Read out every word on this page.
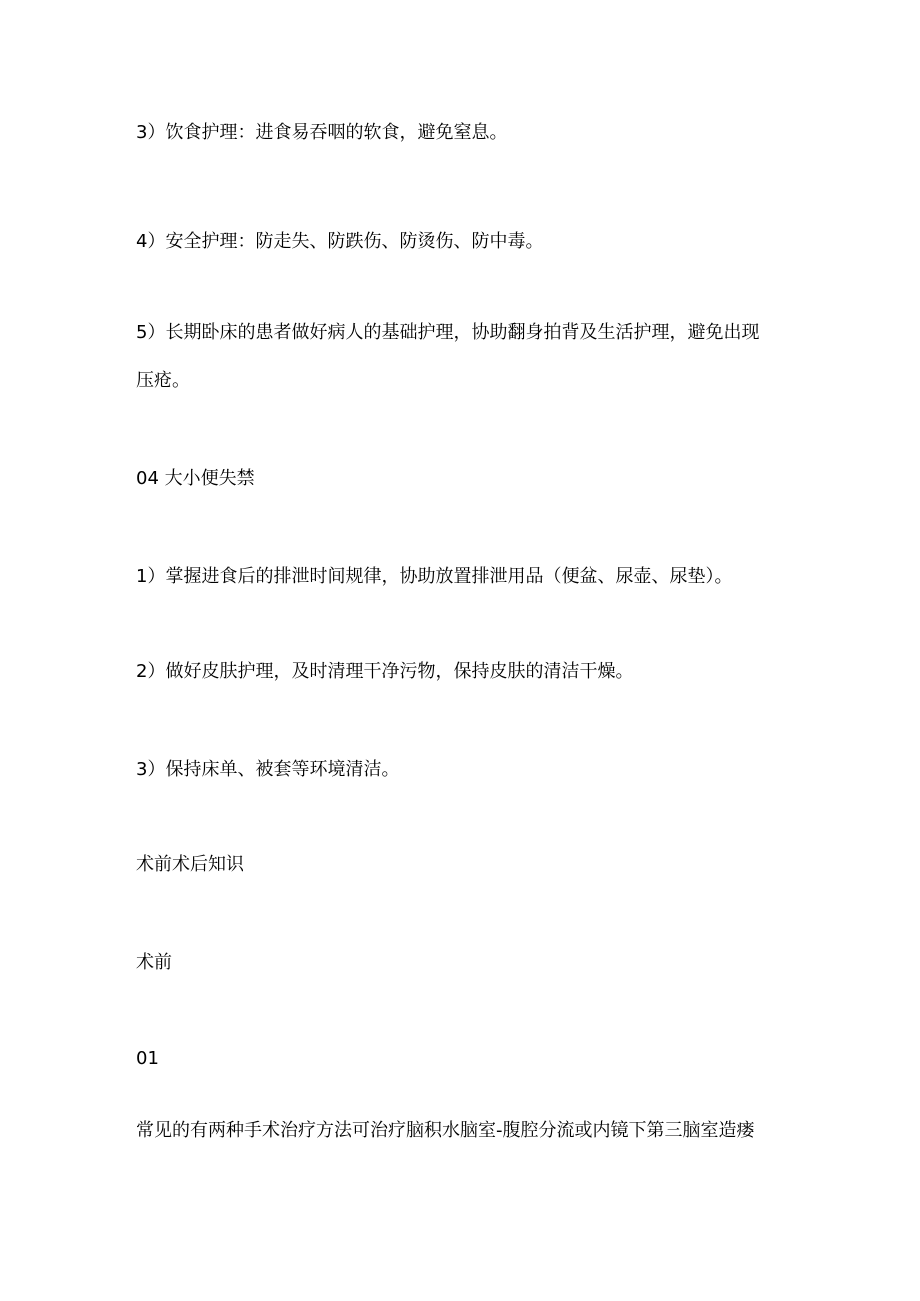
3）饮食护理：进食易吞咽的软食，避免窒息。
4）安全护理：防走失、防跌伤、防烫伤、防中毒。
5）长期卧床的患者做好病人的基础护理，协助翻身拍背及生活护理，避免出现
压疮。
04 大小便失禁
1）掌握进食后的排泄时间规律，协助放置排泄用品（便盆、尿壶、尿垫）。
2）做好皮肤护理，及时清理干净污物，保持皮肤的清洁干燥。
3）保持床单、被套等环境清洁。
术前术后知识
术前
01
常见的有两种手术治疗方法可治疗脑积水脑室-腹腔分流或内镜下第三脑室造瘘
